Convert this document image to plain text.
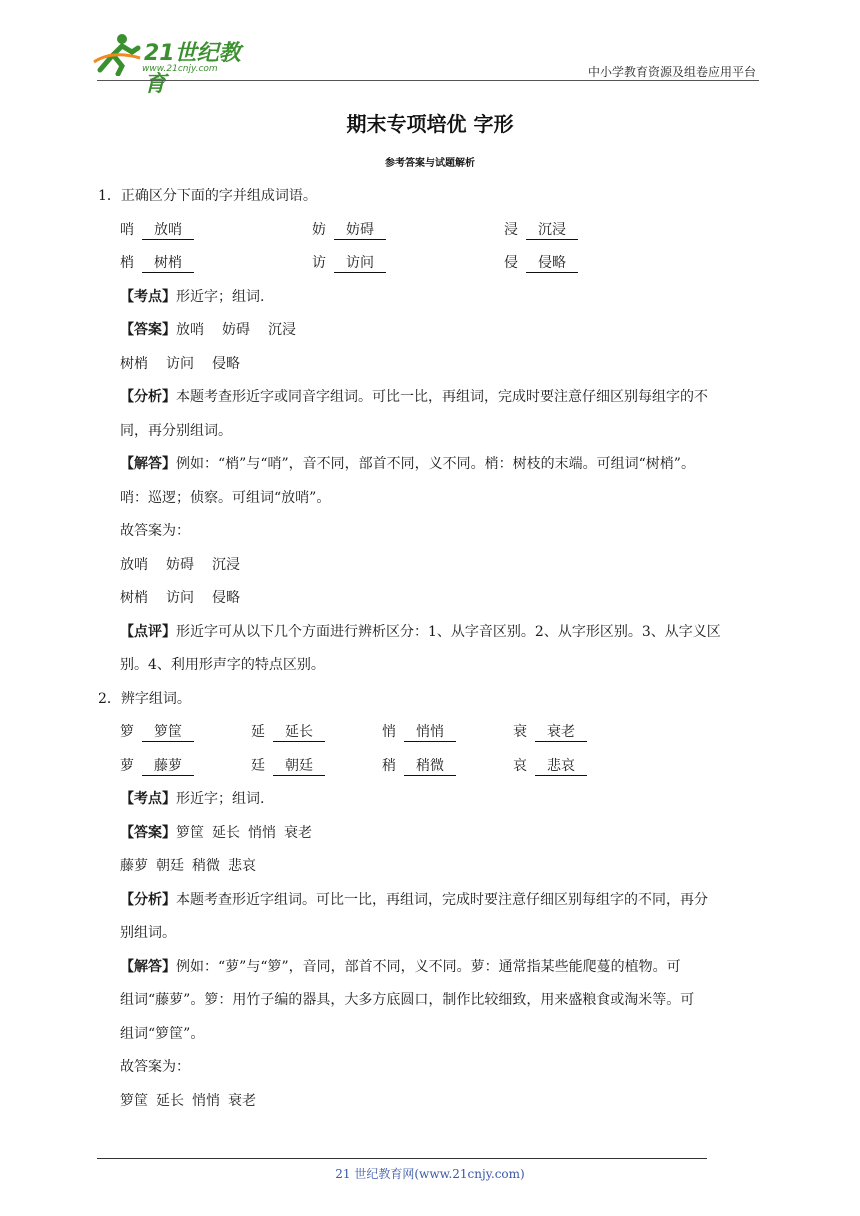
21世纪教育
www.21cnjy.com	中小学教育资源及组卷应用平台
期末专项培优 字形
参考答案与试题解析
1．正确区分下面的字并组成词语。
哨 放哨	妨 妨碍	浸 沉浸
梢 树梢	访 访问	侵 侵略
【考点】形近字；组词.
【答案】放哨 妨碍 沉浸
树梢 访问 侵略
【分析】本题考查形近字或同音字组词。可比一比，再组词，完成时要注意仔细区别每组字的不
同，再分别组词。
【解答】例如：“梢”与“哨”，音不同，部首不同，义不同。梢：树枝的末端。可组词“树梢”。
哨：巡逻；侦察。可组词“放哨”。
故答案为：
放哨 妨碍 沉浸
树梢 访问 侵略
【点评】形近字可从以下几个方面进行辨析区分：1、从字音区别。2、从字形区别。3、从字义区
别。4、利用形声字的特点区别。
2．辨字组词。
箩 箩筐	延 延长	悄 悄悄	衰 衰老
萝 藤萝	廷 朝廷	稍 稍微	哀 悲哀
【考点】形近字；组词.
【答案】箩筐 延长 悄悄 衰老
藤萝 朝廷 稍微 悲哀
【分析】本题考查形近字组词。可比一比，再组词，完成时要注意仔细区别每组字的不同，再分
别组词。
【解答】例如：“萝”与“箩”，音同，部首不同，义不同。萝：通常指某些能爬蔓的植物。可
组词“藤萝”。箩：用竹子编的器具，大多方底圆口，制作比较细致，用来盛粮食或淘米等。可
组词“箩筐”。
故答案为：
箩筐 延长 悄悄 衰老
21 世纪教育网(www.21cnjy.com)
